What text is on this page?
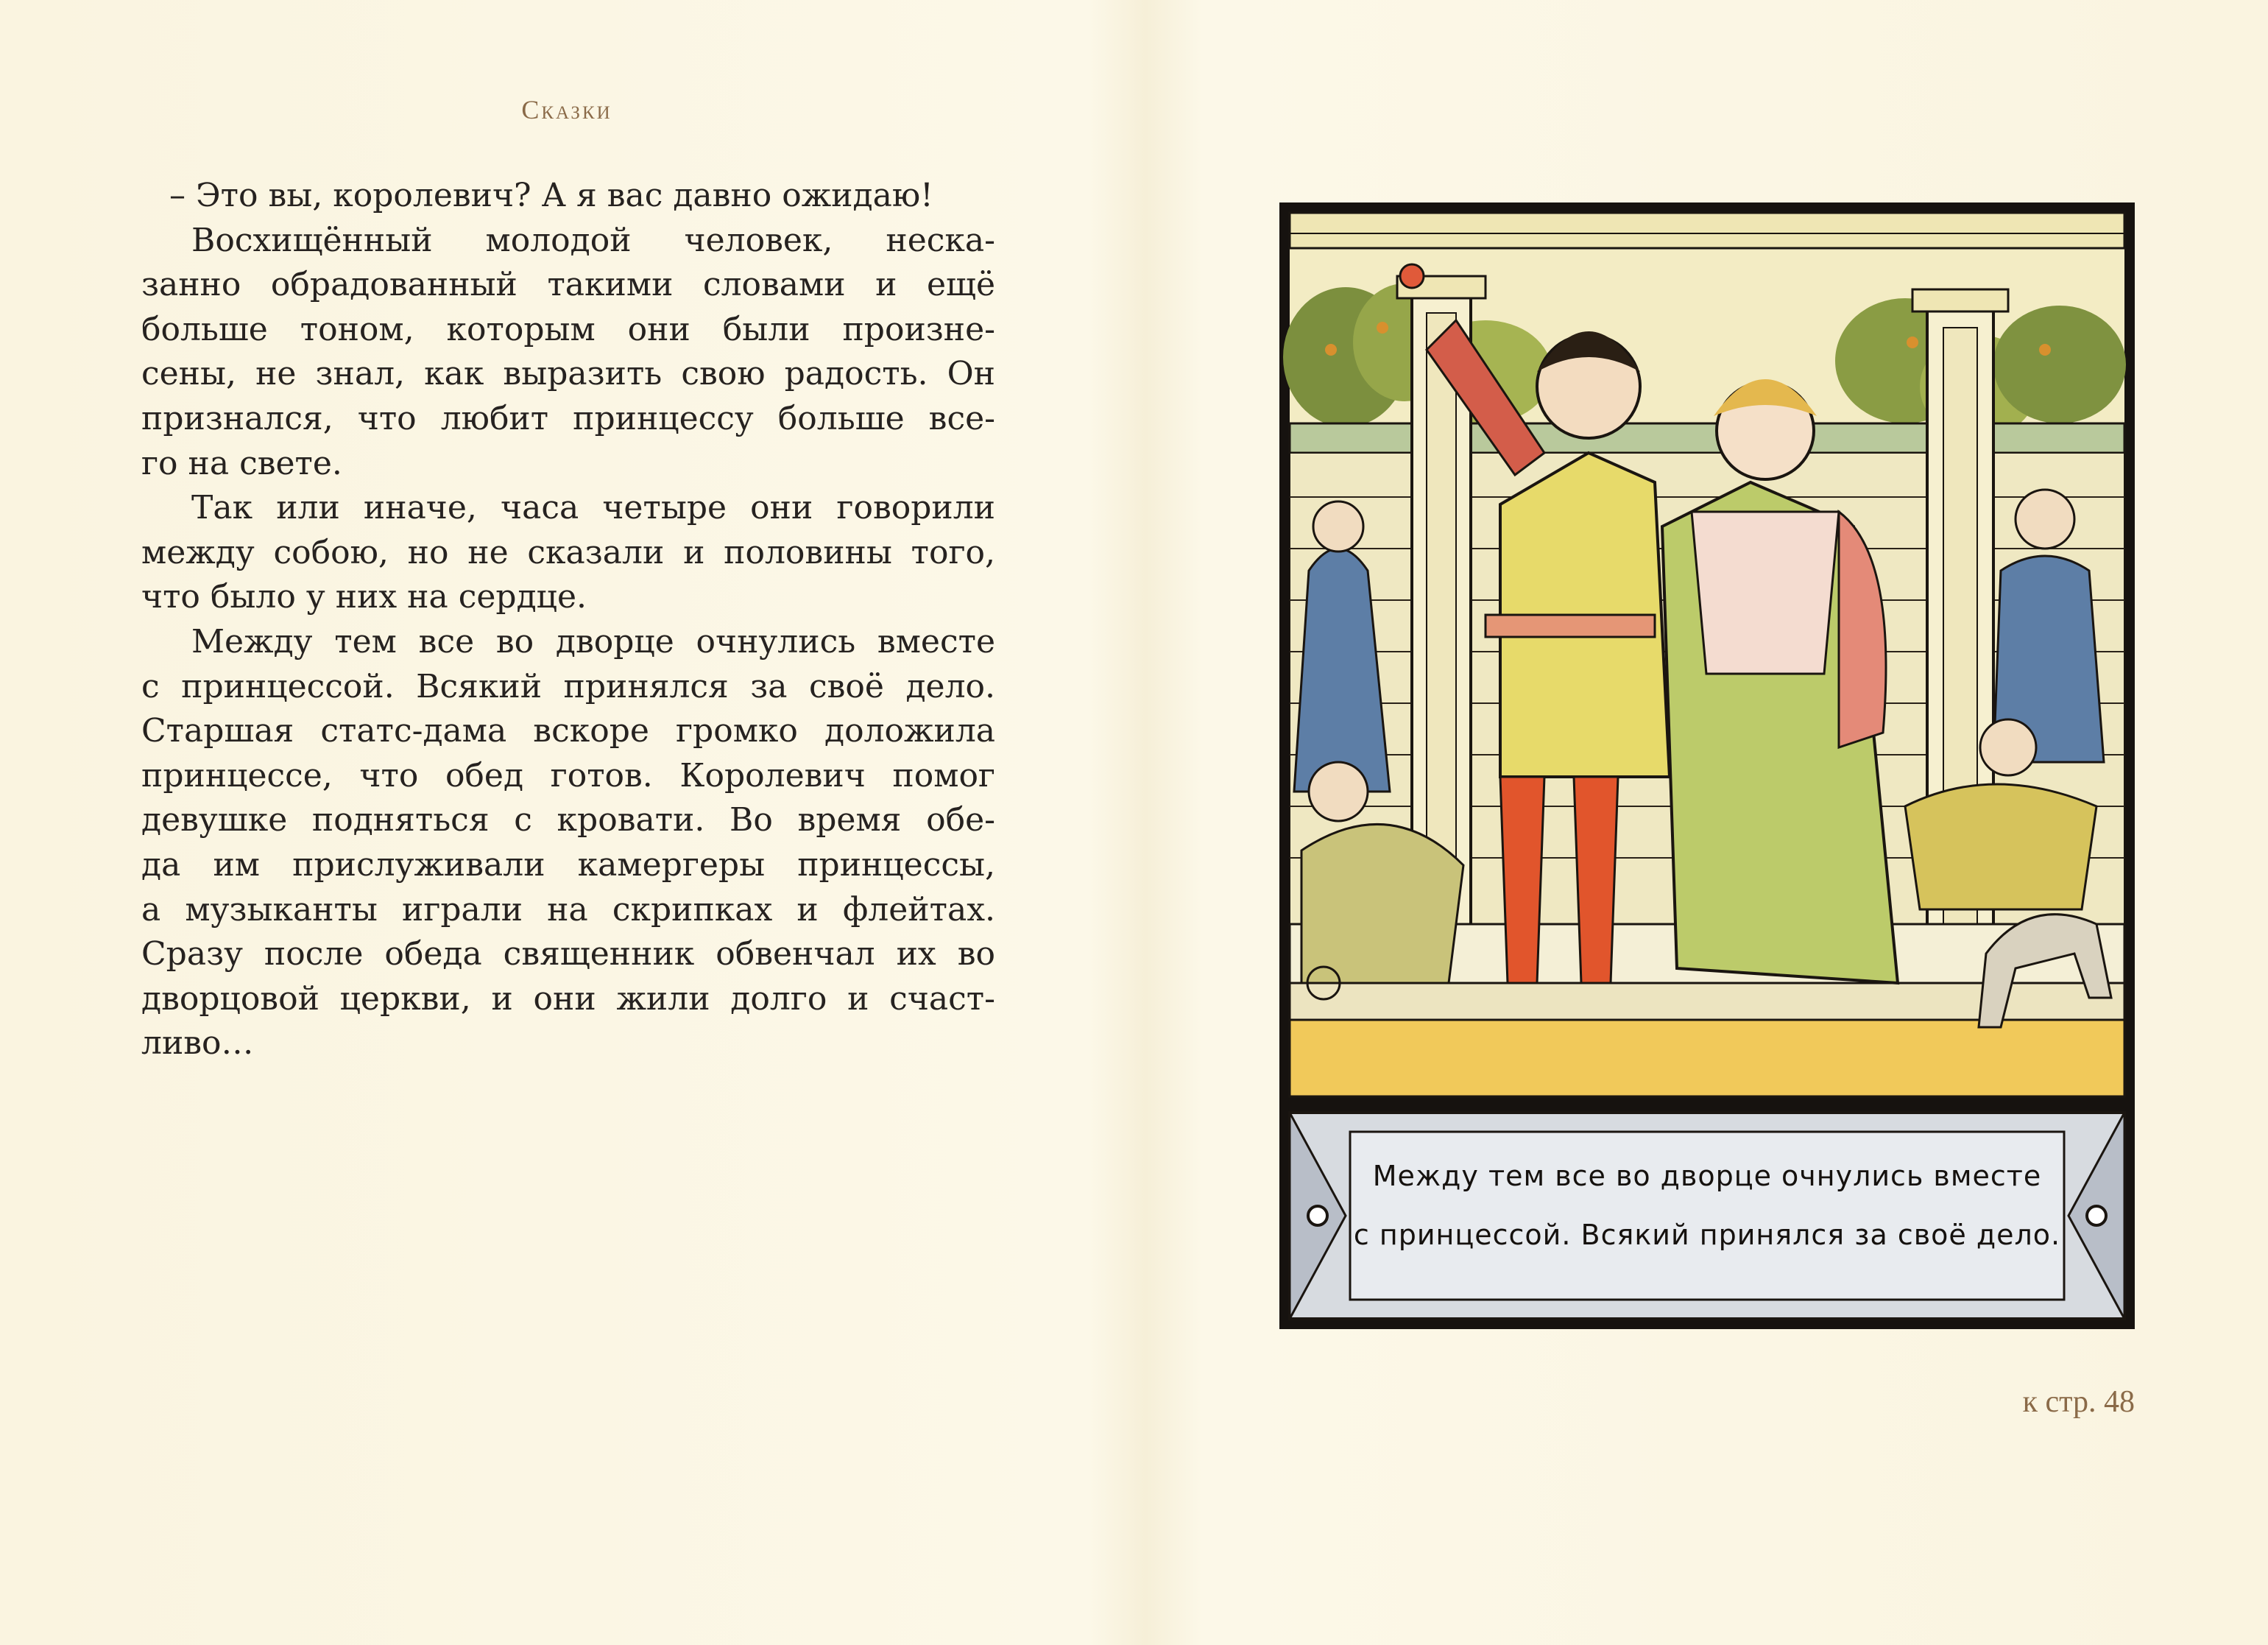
Сказки
– Это вы, королевич? А я вас давно ожидаю!
Восхищённый молодой человек, неска-
занно обрадованный такими словами и ещё
больше тоном, которым они были произне-
сены, не знал, как выразить свою радость. Он
признался, что любит принцессу больше все-
го на свете.
Так или иначе, часа четыре они говорили
между собою, но не сказали и половины того,
что было у них на сердце.
Между тем все во дворце очнулись вместе
с принцессой. Всякий принялся за своё дело.
Старшая статс-дама вскоре громко доложила
принцессе, что обед готов. Королевич помог
девушке подняться с кровати. Во время обе-
да им прислуживали камергеры принцессы,
а музыканты играли на скрипках и флейтах.
Сразу после обеда священник обвенчал их во
дворцовой церкви, и они жили долго и счаст-
ливо…
Между тем все во дворце очнулись вместе
с принцессой. Всякий принялся за своё дело.
к стр. 48
